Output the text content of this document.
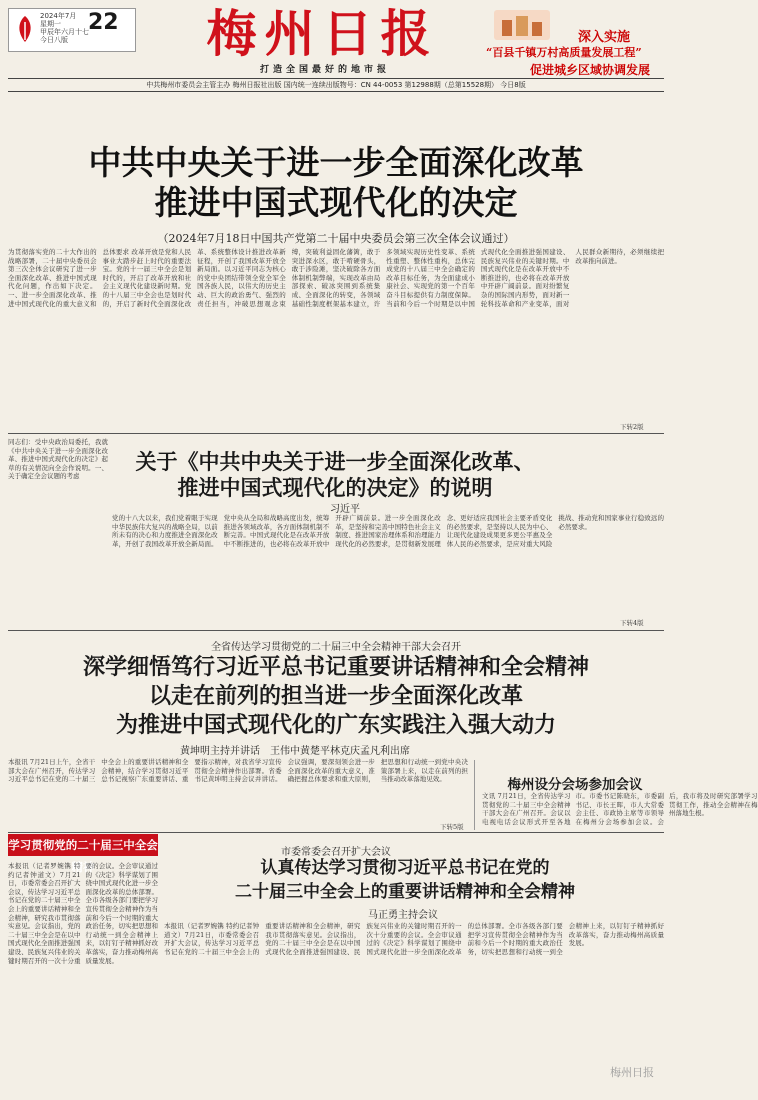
2024年7月
星期一
甲辰年六月十七
今日八版
22	梅州日报
打造全国最好的地市报
深入实施
“百县千镇万村高质量发展工程”
促进城乡区域协调发展
中共梅州市委员会主管主办 梅州日报社出版 国内统一连续出版物号：CN 44-0053 第12988期（总第15528期） 今日8版
中共中央关于进一步全面深化改革
推进中国式现代化的决定
（2024年7月18日中国共产党第二十届中央委员会第三次全体会议通过）
为贯彻落实党的二十大作出的战略部署，二十届中央委员会第三次全体会议研究了进一步全面深化改革、推进中国式现代化问题，作出如下决定。一、进一步全面深化改革、推进中国式现代化的重大意义和总体要求 改革开放是党和人民事业大踏步赶上时代的重要法宝。党的十一届三中全会是划时代的，开启了改革开放和社会主义现代化建设新时期。党的十八届三中全会也是划时代的，开启了新时代全面深化改革、系统整体设计推进改革新征程，开创了我国改革开放全新局面。以习近平同志为核心的党中央团结带领全党全军全国各族人民，以伟大的历史主动、巨大的政治勇气、强烈的责任担当，冲破思想观念束缚，突破利益固化藩篱，敢于突进深水区，敢于啃硬骨头，敢于涉险滩，坚决破除各方面体制机制弊端，实现改革由局部探索、破冰突围到系统集成、全面深化的转变，各领域基础性制度框架基本建立，许多领域实现历史性变革、系统性重塑、整体性重构，总体完成党的十八届三中全会确定的改革目标任务，为全面建成小康社会、实现党的第一个百年奋斗目标提供有力制度保障。当前和今后一个时期是以中国式现代化全面推进强国建设、民族复兴伟业的关键时期。中国式现代化是在改革开放中不断推进的，也必将在改革开放中开辟广阔前景。面对纷繁复杂的国际国内形势，面对新一轮科技革命和产业变革，面对人民群众新期待，必须继续把改革推向前进。
下转2版
同志们：受中央政治局委托，我就《中共中央关于进一步全面深化改革、推进中国式现代化的决定》起草的有关情况向全会作说明。一、关于确定全会议题的考虑
关于《中共中央关于进一步全面深化改革、
推进中国式现代化的决定》的说明
习近平
党的十八大以来，我们党着眼于实现中华民族伟大复兴的战略全局，以前所未有的决心和力度推进全面深化改革，开创了我国改革开放全新局面。党中央从全局和战略高度出发，统筹推进各领域改革，各方面体制机制不断完善。中国式现代化是在改革开放中不断推进的，也必将在改革开放中开辟广阔前景。进一步全面深化改革，是坚持和完善中国特色社会主义制度、推进国家治理体系和治理能力现代化的必然要求，是贯彻新发展理念、更好适应我国社会主要矛盾变化的必然要求，是坚持以人民为中心、让现代化建设成果更多更公平惠及全体人民的必然要求，是应对重大风险挑战、推动党和国家事业行稳致远的必然要求。
下转4版
全省传达学习贯彻党的二十届三中全会精神干部大会召开
深学细悟笃行习近平总书记重要讲话精神和全会精神
以走在前列的担当进一步全面深化改革
为推进中国式现代化的广东实践注入强大动力
黄坤明主持并讲话　王伟中黄楚平林克庆孟凡利出席
本报讯 7月21日上午，全省干部大会在广州召开，传达学习习近平总书记在党的二十届三中全会上的重要讲话精神和全会精神，结合学习贯彻习近平总书记视察广东重要讲话、重要指示精神，对我省学习宣传贯彻全会精神作出部署。省委书记黄坤明主持会议并讲话。会议强调，要深刻领会进一步全面深化改革的重大意义，准确把握总体要求和重大原则，把思想和行动统一到党中央决策部署上来，以走在前列的担当推动改革落地见效。
下转5版
梅州设分会场参加会议
文讯 7月21日，全省传达学习贯彻党的二十届三中全会精神干部大会在广州召开。会议以电视电话会议形式开至各地市。市委书记陈晓东，市委副书记、市长王晖，市人大常委会主任、市政协主席等市领导在梅州分会场参加会议。会后，我市将及时研究部署学习贯彻工作，推动全会精神在梅州落地生根。
学习贯彻党的二十届三中全会精神
市委常委会召开扩大会议
认真传达学习贯彻习近平总书记在党的
二十届三中全会上的重要讲话精神和全会精神
马正勇主持会议
本报讯（记者罗婉镌 特约记者钟道文）7月21日，市委常委会召开扩大会议，传达学习习近平总书记在党的二十届三中全会上的重要讲话精神和全会精神，研究我市贯彻落实意见。会议指出，党的二十届三中全会是在以中国式现代化全面推进强国建设、民族复兴伟业的关键时期召开的一次十分重要的会议。全会审议通过的《决定》科学谋划了围绕中国式现代化进一步全面深化改革的总体部署。全市各级各部门要把学习宣传贯彻全会精神作为当前和今后一个时期的重大政治任务，切实把思想和行动统一到全会精神上来，以钉钉子精神抓好改革落实，奋力推动梅州高质量发展。
本报讯（记者罗婉镌 特约记者钟道文）7月21日，市委常委会召开扩大会议，传达学习习近平总书记在党的二十届三中全会上的重要讲话精神和全会精神，研究我市贯彻落实意见。会议指出，党的二十届三中全会是在以中国式现代化全面推进强国建设、民族复兴伟业的关键时期召开的一次十分重要的会议。全会审议通过的《决定》科学谋划了围绕中国式现代化进一步全面深化改革的总体部署。全市各级各部门要把学习宣传贯彻全会精神作为当前和今后一个时期的重大政治任务，切实把思想和行动统一到全会精神上来，以钉钉子精神抓好改革落实，奋力推动梅州高质量发展。
梅州日报
